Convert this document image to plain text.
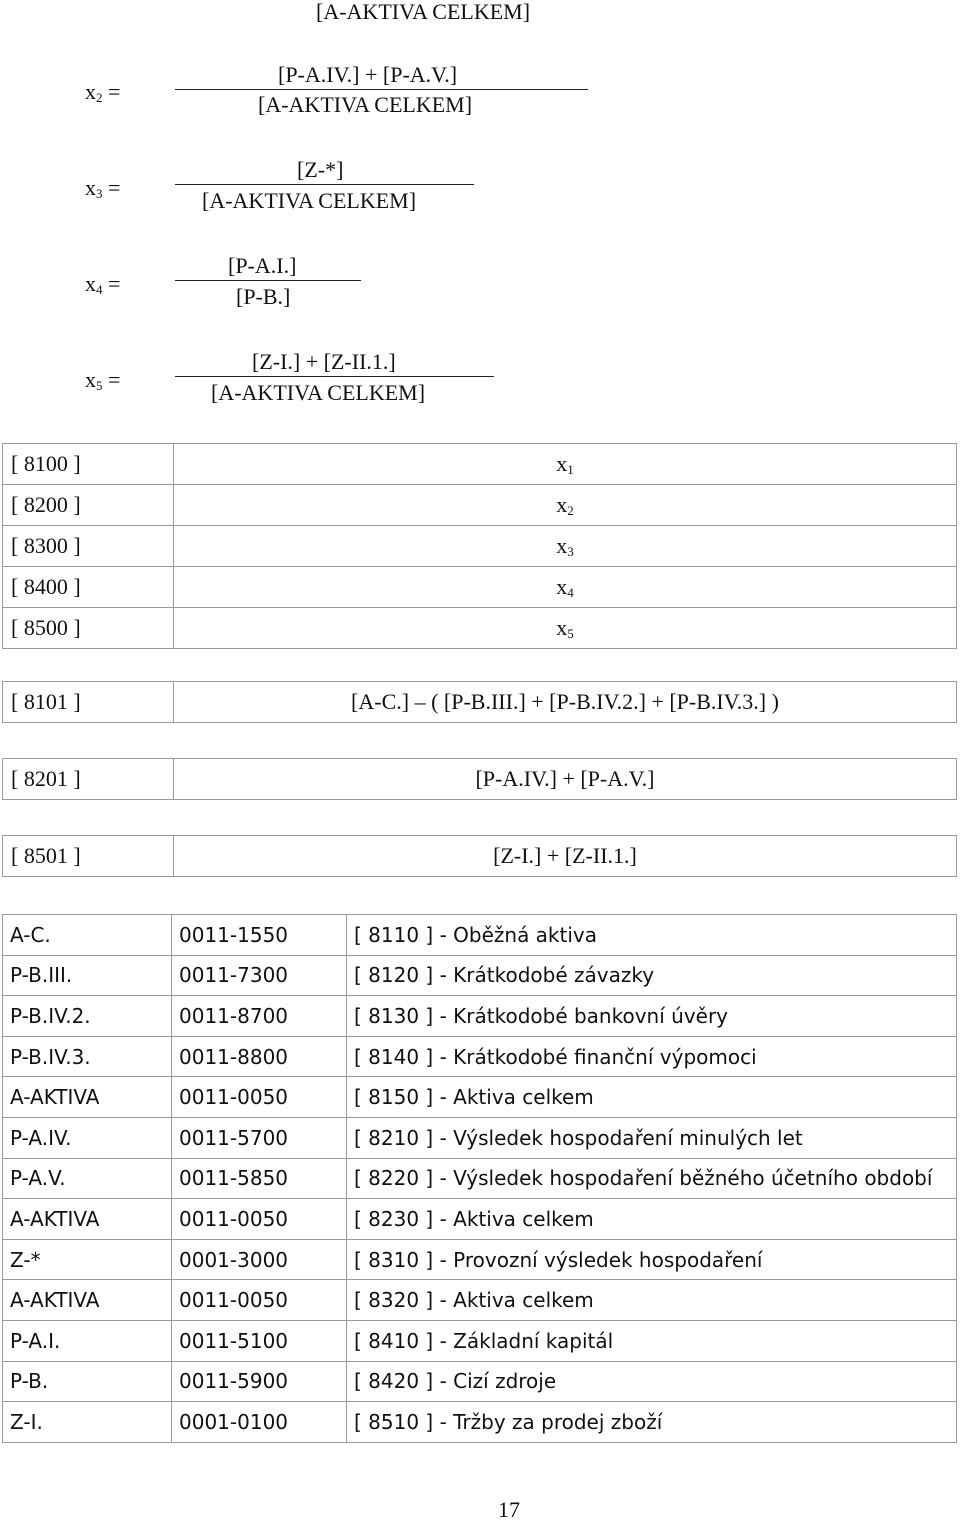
[A-AKTIVA CELKEM]
$x_2$ =
[P-A.IV.] + [P-A.V.]
[A-AKTIVA CELKEM]
$x_3$ =
[Z-*]
[A-AKTIVA CELKEM]
$x_4$ =
[P-A.I.]
[P-B.]
$x_5$ =
[Z-I.] + [Z-II.1.]
[A-AKTIVA CELKEM]
[ 8100 ]	$x_1$
[ 8200 ]	$x_2$
[ 8300 ]	$x_3$
[ 8400 ]	$x_4$
[ 8500 ]	$x_5$
[ 8101 ]	[A-C.] – ( [P-B.III.] + [P-B.IV.2.] + [P-B.IV.3.] )
[ 8201 ]	[P-A.IV.] + [P-A.V.]
[ 8501 ]	[Z-I.] + [Z-II.1.]
A-C.	0011-1550	[ 8110 ] - Oběžná aktiva
P-B.III.	0011-7300	[ 8120 ] - Krátkodobé závazky
P-B.IV.2.	0011-8700	[ 8130 ] - Krátkodobé bankovní úvěry
P-B.IV.3.	0011-8800	[ 8140 ] - Krátkodobé finanční výpomoci
A-AKTIVA	0011-0050	[ 8150 ] - Aktiva celkem
P-A.IV.	0011-5700	[ 8210 ] - Výsledek hospodaření minulých let
P-A.V.	0011-5850	[ 8220 ] - Výsledek hospodaření běžného účetního období
A-AKTIVA	0011-0050	[ 8230 ] - Aktiva celkem
Z-*	0001-3000	[ 8310 ] - Provozní výsledek hospodaření
A-AKTIVA	0011-0050	[ 8320 ] - Aktiva celkem
P-A.I.	0011-5100	[ 8410 ] - Základní kapitál
P-B.	0011-5900	[ 8420 ] - Cizí zdroje
Z-I.	0001-0100	[ 8510 ] - Tržby za prodej zboží
17
